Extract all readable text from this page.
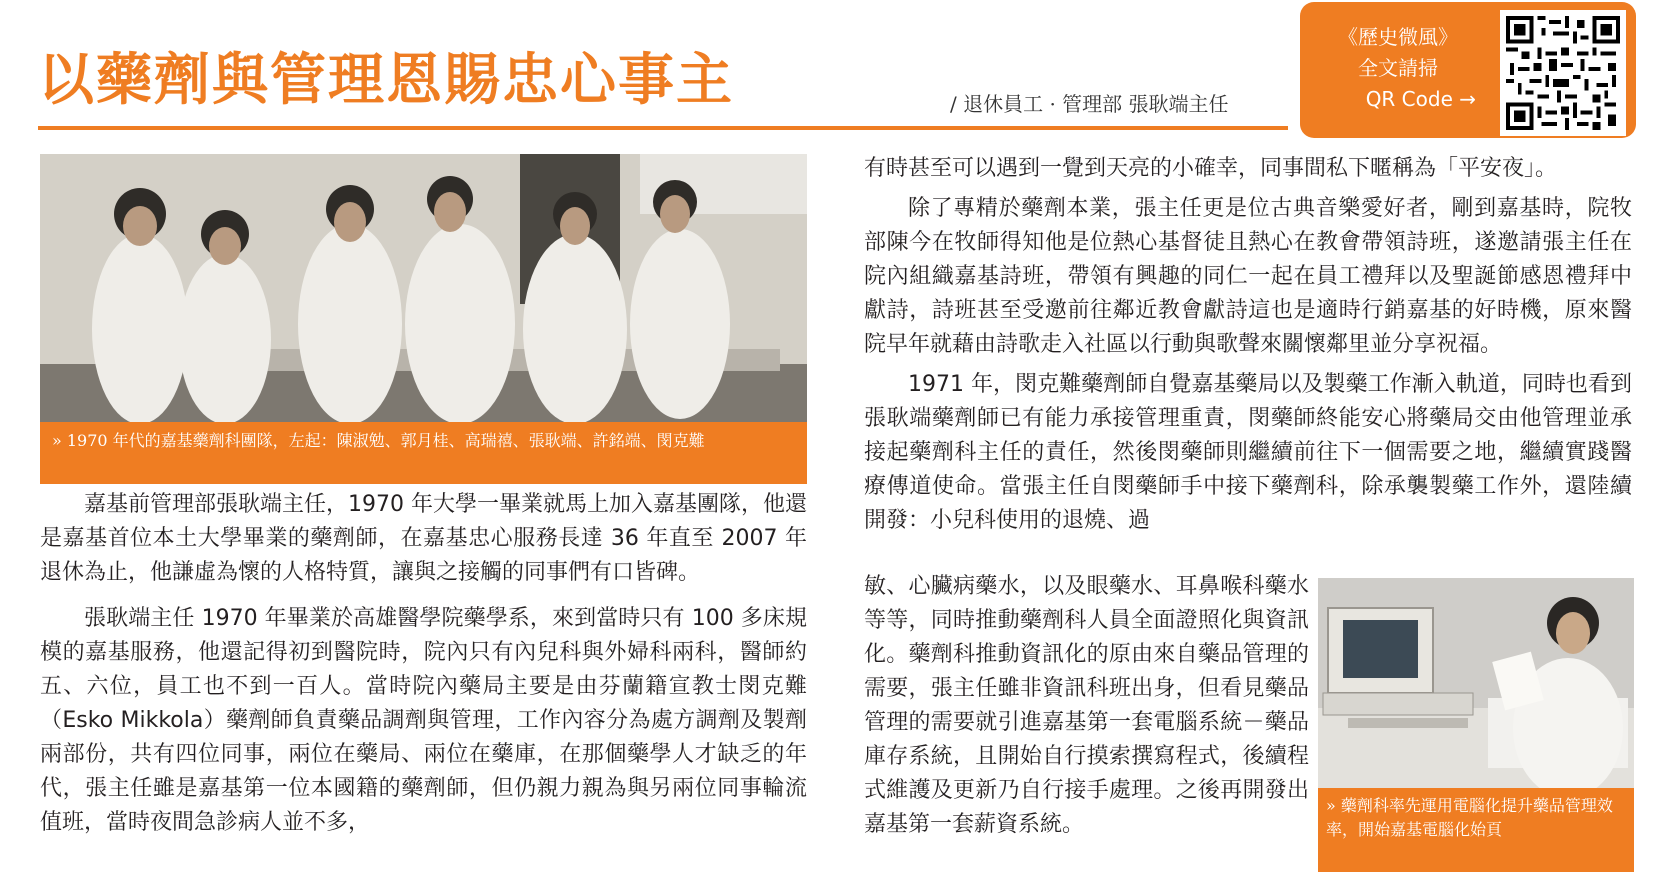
以藥劑與管理恩賜忠心事主	/ 退休員工 · 管理部 張耿端主任
《歷史微風》
全文請掃
QR Code →
» 1970 年代的嘉基藥劑科團隊，左起：陳淑勉、郭月桂、高瑞禧、張耿端、許銘端、閔克難

嘉基前管理部張耿端主任，1970 年大學一畢業就馬上加入嘉基團隊，他還是嘉基首位本土大學畢業的藥劑師，在嘉基忠心服務長達 36 年直至 2007 年退休為止，他謙虛為懷的人格特質，讓與之接觸的同事們有口皆碑。

張耿端主任 1970 年畢業於高雄醫學院藥學系，來到當時只有 100 多床規模的嘉基服務，他還記得初到醫院時，院內只有內兒科與外婦科兩科，醫師約五、六位，員工也不到一百人。當時院內藥局主要是由芬蘭籍宣教士閔克難（Esko Mikkola）藥劑師負責藥品調劑與管理，工作內容分為處方調劑及製劑兩部份，共有四位同事，兩位在藥局、兩位在藥庫，在那個藥學人才缺乏的年代，張主任雖是嘉基第一位本國籍的藥劑師，但仍親力親為與另兩位同事輪流值班，當時夜間急診病人並不多，

有時甚至可以遇到一覺到天亮的小確幸，同事間私下暱稱為「平安夜」。

除了專精於藥劑本業，張主任更是位古典音樂愛好者，剛到嘉基時，院牧部陳今在牧師得知他是位熱心基督徒且熱心在教會帶領詩班，遂邀請張主任在院內組織嘉基詩班，帶領有興趣的同仁一起在員工禮拜以及聖誕節感恩禮拜中獻詩，詩班甚至受邀前往鄰近教會獻詩這也是適時行銷嘉基的好時機，原來醫院早年就藉由詩歌走入社區以行動與歌聲來關懷鄰里並分享祝福。

1971 年，閔克難藥劑師自覺嘉基藥局以及製藥工作漸入軌道，同時也看到張耿端藥劑師已有能力承接管理重責，閔藥師終能安心將藥局交由他管理並承接起藥劑科主任的責任，然後閔藥師則繼續前往下一個需要之地，繼續實踐醫療傳道使命。當張主任自閔藥師手中接下藥劑科，除承襲製藥工作外，還陸續開發：小兒科使用的退燒、過

敏、心臟病藥水，以及眼藥水、耳鼻喉科藥水等等，同時推動藥劑科人員全面證照化與資訊化。藥劑科推動資訊化的原由來自藥品管理的需要，張主任雖非資訊科班出身，但看見藥品管理的需要就引進嘉基第一套電腦系統－藥品庫存系統，且開始自行摸索撰寫程式，後續程式維護及更新乃自行接手處理。之後再開發出嘉基第一套薪資系統。
» 藥劑科率先運用電腦化提升藥品管理效率，開始嘉基電腦化始頁
